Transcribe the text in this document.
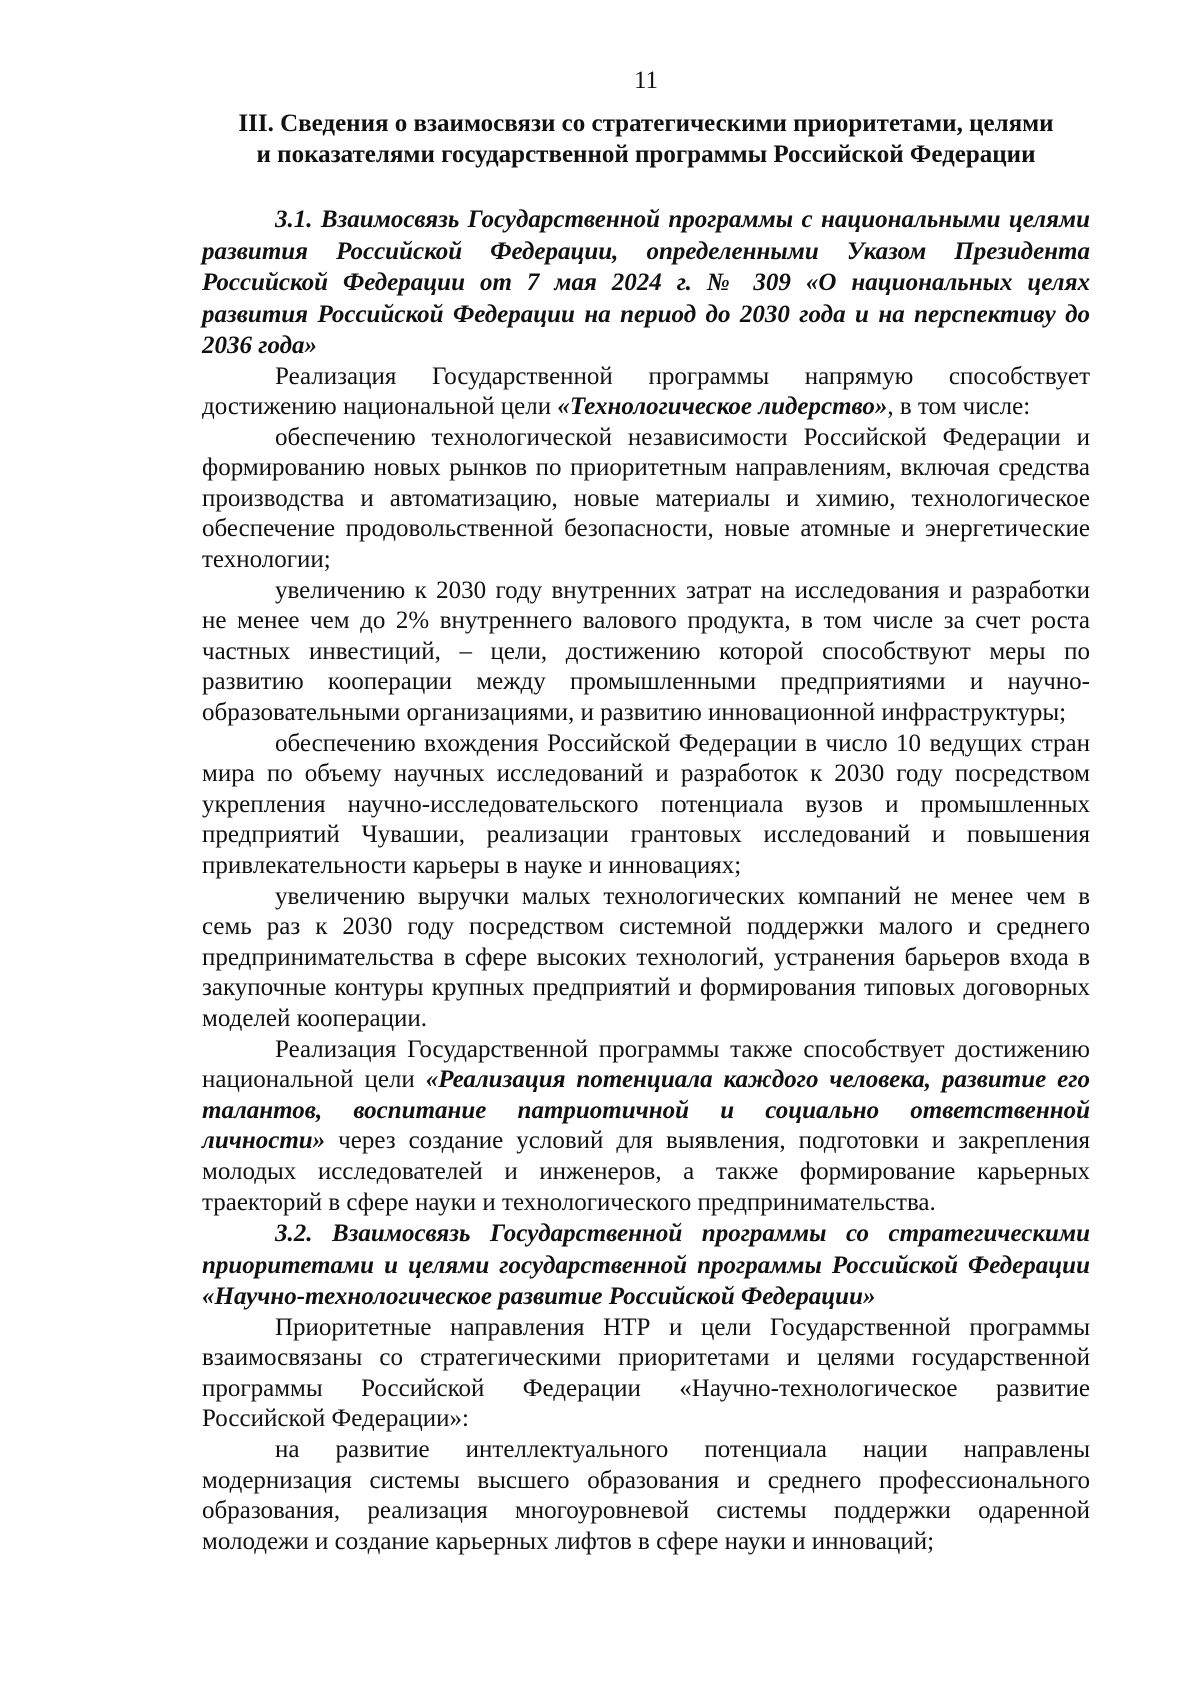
11
III. Сведения о взаимосвязи со стратегическими приоритетами, целями
и показателями государственной программы Российской Федерации
3.1. Взаимосвязь Государственной программы с национальными целями развития Российской Федерации, определенными Указом Президента Российской Федерации от 7 мая 2024 г. № 309 «О национальных целях развития Российской Федерации на период до 2030 года и на перспективу до 2036 года»

Реализация Государственной программы напрямую способствует достижению национальной цели «Технологическое лидерство», в том числе:

обеспечению технологической независимости Российской Федерации и формированию новых рынков по приоритетным направлениям, включая средства производства и автоматизацию, новые материалы и химию, технологическое обеспечение продовольственной безопасности, новые атомные и энергетические технологии;

увеличению к 2030 году внутренних затрат на исследования и разработки не менее чем до 2% внутреннего валового продукта, в том числе за счет роста частных инвестиций, – цели, достижению которой способствуют меры по развитию кооперации между промышленными предприятиями и научно-образовательными организациями, и развитию инновационной инфраструктуры;

обеспечению вхождения Российской Федерации в число 10 ведущих стран мира по объему научных исследований и разработок к 2030 году посредством укрепления научно-исследовательского потенциала вузов и промышленных предприятий Чувашии, реализации грантовых исследований и повышения привлекательности карьеры в науке и инновациях;

увеличению выручки малых технологических компаний не менее чем в семь раз к 2030 году посредством системной поддержки малого и среднего предпринимательства в сфере высоких технологий, устранения барьеров входа в закупочные контуры крупных предприятий и формирования типовых договорных моделей кооперации.

Реализация Государственной программы также способствует достижению национальной цели «Реализация потенциала каждого человека, развитие его талантов, воспитание патриотичной и социально ответственной личности» через создание условий для выявления, подготовки и закрепления молодых исследователей и инженеров, а также формирование карьерных траекторий в сфере науки и технологического предпринимательства.

3.2. Взаимосвязь Государственной программы со стратегическими приоритетами и целями государственной программы Российской Федерации «Научно-технологическое развитие Российской Федерации»

Приоритетные направления НТР и цели Государственной программы взаимосвязаны со стратегическими приоритетами и целями государственной программы Российской Федерации «Научно-технологическое развитие Российской Федерации»:

на развитие интеллектуального потенциала нации направлены модернизация системы высшего образования и среднего профессионального образования, реализация многоуровневой системы поддержки одаренной молодежи и создание карьерных лифтов в сфере науки и инноваций;
